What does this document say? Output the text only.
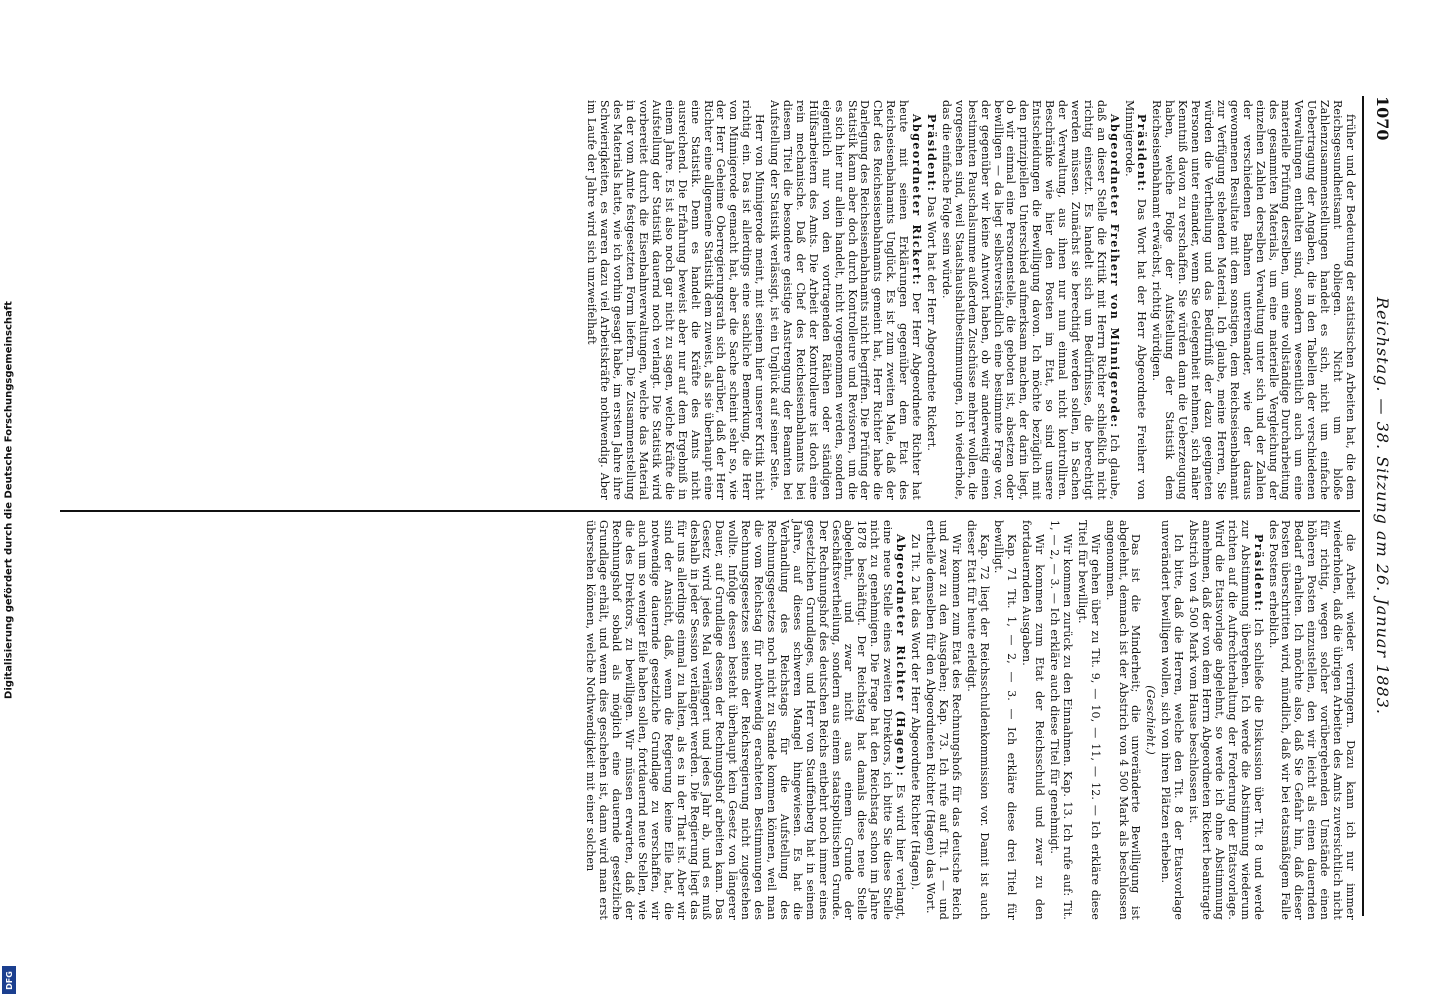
1070
Reichstag. — 38. Sitzung am 26. Januar 1883.

früher und der Bedeutung der statistischen Arbeiten hat, die dem Reichsgesundheitsamt obliegen. Nicht um bloße Zahlenzusammenstellungen handelt es sich, nicht um einfache Uebertragung der Angaben, die in den Tabellen der verschiedenen Verwaltungen enthalten sind, sondern wesentlich auch um eine materielle Prüfung derselben, um eine vollständige Durcharbeitung des gesammten Materials, um eine materielle Vergleichung der einzelnen Zahlen derselben Verwaltung unter sich und der Zahlen der verschiedenen Bahnen untereinander, wie der daraus gewonnenen Resultate mit dem sonstigen, dem Reichseisenbahnamt zur Verfügung stehenden Material. Ich glaube, meine Herren, Sie würden die Vertheilung und das Bedürfniß der dazu geeigneten Personen unter einander, wenn Sie Gelegenheit nehmen, sich näher Kenntniß davon zu verschaffen. Sie würden dann die Ueberzeugung haben, welche Folge der Aufstellung der Statistik dem Reichseisenbahnamt erwächst, richtig würdigen.

Präsident: Das Wort hat der Herr Abgeordnete Freiherr von Minnigerode.

Abgeordneter Freiherr von Minnigerode: Ich glaube, daß an dieser Stelle die Kritik mit Herrn Richter schließlich nicht richtig einsetzt. Es handelt sich um Bedürfnisse, die berechtigt werden müssen. Zunächst sie berechtigt werden sollen, in Sachen der Verwaltung, aus ihnen nur nun einmal nicht kontrolliren. Beschränke wie hier den Posten im Etat, so sind unsere Entscheidungen die Bewilligung davon. Ich möchte bezüglich mit den prinzipiellen Unterschied aufmerksam machen, der darin liegt, ob wir einmal eine Personenstelle, die geboten ist, absetzen oder bewilligen — da liegt selbstverständlich eine bestimmte Frage vor, der gegenüber wir keine Antwort haben, ob wir anderweitig einen bestimmten Pauschalsumme außerdem Zuschüsse mehrer wollen, die vorgesehen sind, weil Staatshaushaltbestimmungen, ich wiederhole, das die einfache Folge sein würde.

Präsident: Das Wort hat der Herr Abgeordnete Rickert.

Abgeordneter Rickert: Der Herr Abgeordnete Richter hat heute mit seinen Erklärungen gegenüber dem Etat des Reichseisenbahnamts Unglück. Es ist zum zweiten Male, daß der Chef des Reichseisenbahnamts gemeint hat, Herr Richter habe die Darlegung des Reichseisenbahnamts nicht begriffen. Die Prüfung der Statistik kann aber doch durch Kontrolleure und Revisoren, um die es sich hier nur allein handelt, nicht vorgenommen werden, sondern eigentlich nur von den vortragenden Räthen oder ständigen Hülfsarbeitern des Amts. Die Arbeit der Kontrolleure ist doch eine rein mechanische. Daß der Chef des Reichseisenbahnamts bei diesem Titel die besondere geistige Anstrengung der Beamten bei Aufstellung der Statistik verlässigt, ist ein Unglück auf seiner Seite.

Herr von Minnigerode meint, mit seinem hier unserer Kritik nicht richtig ein. Das ist allerdings eine sachliche Bemerkung, die Herr von Minnigerode gemacht hat, aber die Sache scheint sehr so, wie der Herr Geheime Oberregierungsrath sich darüber, daß der Herr Richter eine allgemeine Statistik dem zuweist, als sie überhaupt eine eine Statistik. Denn es handelt die Kräfte des Amts nicht ausreichend. Die Erfahrung beweist aber nur auf dem Ergebniß in einem Jahre. Es ist also noch gar nicht zu sagen, welche Kräfte die Aufstellung der Statistik dauernd noch verlangt. Die Statistik wird vorbereitet durch die Eisenbahnverwaltungen, welche das Material in der vom Amte festgesetzten Form liefern. Die Zusammenstellung des Materials hatte, wie ich vorhin gesagt habe, im ersten Jahre ihre Schwierigkeiten, es waren dazu viel Arbeitskräfte nothwendig. Aber im Laufe der Jahre wird sich unzweifelhaft

die Arbeit wieder verringern. Dazu kann ich nur immer wiederholen, daß die übrigen Arbeiten des Amts zuversichtlich nicht für richtig, wegen solcher vorübergehenden Umstände einen höheren Posten einzustellen, den wir leicht als einen dauernden Bedarf erhalten. Ich möchte also, daß Sie Gefahr hin, daß dieser Posten überschritten wird, mündlich, daß wir bei etatsmäßigem Falle des Postens erheblich.

Präsident: Ich schließe die Diskussion über Tit. 8 und werde zur Abstimmung übergehen. Ich werde die Abstimmung wiederum richten auf die Aufrechterhaltung der Forderung der Etatsvorlage. Wird die Etatsvorlage abgelehnt, so werde ich ohne Abstimmung annehmen, daß der von dem Herrn Abgeordneten Rickert beantragte Abstrich von 4 500 Mark vom Hause beschlossen ist.

Ich bitte, daß die Herren, welche den Tit. 8 der Etatsvorlage unverändert bewilligen wollen, sich von ihren Plätzen erheben.

(Geschieht.)

Das ist die Minderheit; die unveränderte Bewilligung ist abgelehnt, demnach ist der Abstrich von 4 500 Mark als beschlossen angenommen.

Wir gehen über zu Tit. 9, — 10, — 11, — 12. — Ich erkläre diese Titel für bewilligt.

Wir kommen zurück zu den Einnahmen. Kap. 13. Ich rufe auf: Tit. 1, — 2, — 3. — Ich erkläre auch diese Titel für genehmigt.

Wir kommen zum Etat der Reichsschuld und zwar zu den fortdauernden Ausgaben.

Kap. 71 Tit. 1, — 2, — 3. — Ich erkläre diese drei Titel für bewilligt.

Kap. 72 liegt der Reichsschuldenkommission vor. Damit ist auch dieser Etat für heute erledigt.

Wir kommen zum Etat des Rechnungshofs für das deutsche Reich und zwar zu den Ausgaben; Kap. 73. Ich rufe auf Tit. 1 — und ertheile demselben für den Abgeordneten Richter (Hagen) das Wort.

Zu Tit. 2 hat das Wort der Herr Abgeordnete Richter (Hagen).

Abgeordneter Richter (Hagen): Es wird hier verlangt, eine neue Stelle eines zweiten Direktors, ich bitte Sie diese Stelle nicht zu genehmigen. Die Frage hat den Reichstag schon im Jahre 1878 beschäftigt. Der Reichstag hat damals diese neue Stelle abgelehnt, und zwar nicht aus einem Grunde der Geschäftsvertheilung, sondern aus einem staatspolitischen Grunde. Der Rechnungshof des deutschen Reichs entbehrt noch immer eines gesetzlichen Grundlages, und Herr von Stauffenberg hat in seinem Jahre, auf dieses schweren Mangel hingewiesen. Es hat die Verhandlung des Reichstags für die Aufstellung des Rechnungsgesetzes noch nicht zu Stande kommen können, weil man die vom Reichstag für nothwendig erachteten Bestimmungen des Rechnungsgesetzes seitens der Reichsregierung nicht zugestehen wollte. Infolge dessen besteht überhaupt kein Gesetz von längerer Dauer, auf Grundlage dessen der Rechnungshof arbeiten kann. Das Gesetz wird jedes Mal verlängert und jedes Jahr ab, und es muß deshalb in jeder Session verlängert werden. Die Regierung liegt das für uns allerdings einmal zu halten, als es in der That ist. Aber wir sind der Ansicht, daß, wenn die Regierung keine Eile hat, die notwendige dauernde gesetzliche Grundlage zu verschaffen, wir auch um so weniger Eile haben sollen, fortdauernd neue Stellen, wie die des Direktors, zu bewilligen. Wir müssen erwarten, daß der Rechnungshof sobald als möglich eine dauernde gesetzliche Grundlage erhält, und wenn dies geschehen ist, dann wird man erst übersehen können, welche Nothwendigkeit mit einer solchen

Digitalisierung gefördert durch die Deutsche Forschungsgemeinschaft
DFG
